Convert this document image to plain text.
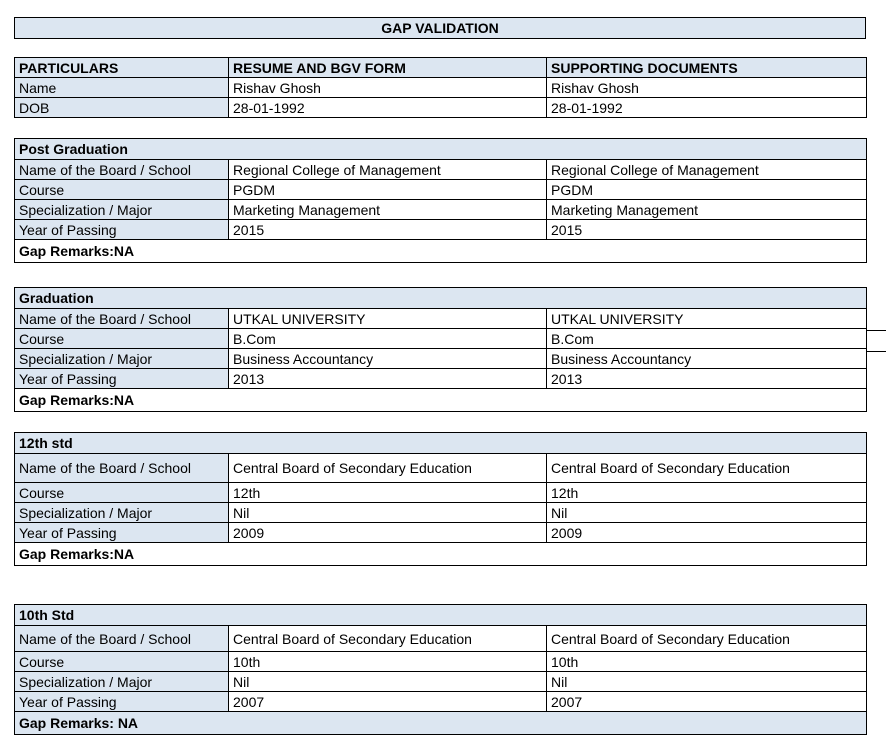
GAP VALIDATION
PARTICULARS	RESUME AND BGV FORM	SUPPORTING DOCUMENTS
Name	Rishav Ghosh	Rishav Ghosh
DOB	28-01-1992	28-01-1992
Post Graduation		
Name of the Board / School	Regional College of Management	Regional College of Management
Course	PGDM	PGDM
Specialization / Major	Marketing Management	Marketing Management
Year of Passing	2015	2015
Gap Remarks:NA		
Graduation		
Name of the Board / School	UTKAL UNIVERSITY	UTKAL UNIVERSITY
Course	B.Com	B.Com
Specialization / Major	Business Accountancy	Business Accountancy
Year of Passing	2013	2013
Gap Remarks:NA		
12th std		
Name of the Board / School	Central Board of Secondary Education	Central Board of Secondary Education
Course	12th	12th
Specialization / Major	Nil	Nil
Year of Passing	2009	2009
Gap Remarks:NA		
10th Std		
Name of the Board / School	Central Board of Secondary Education	Central Board of Secondary Education
Course	10th	10th
Specialization / Major	Nil	Nil
Year of Passing	2007	2007
Gap Remarks: NA		
